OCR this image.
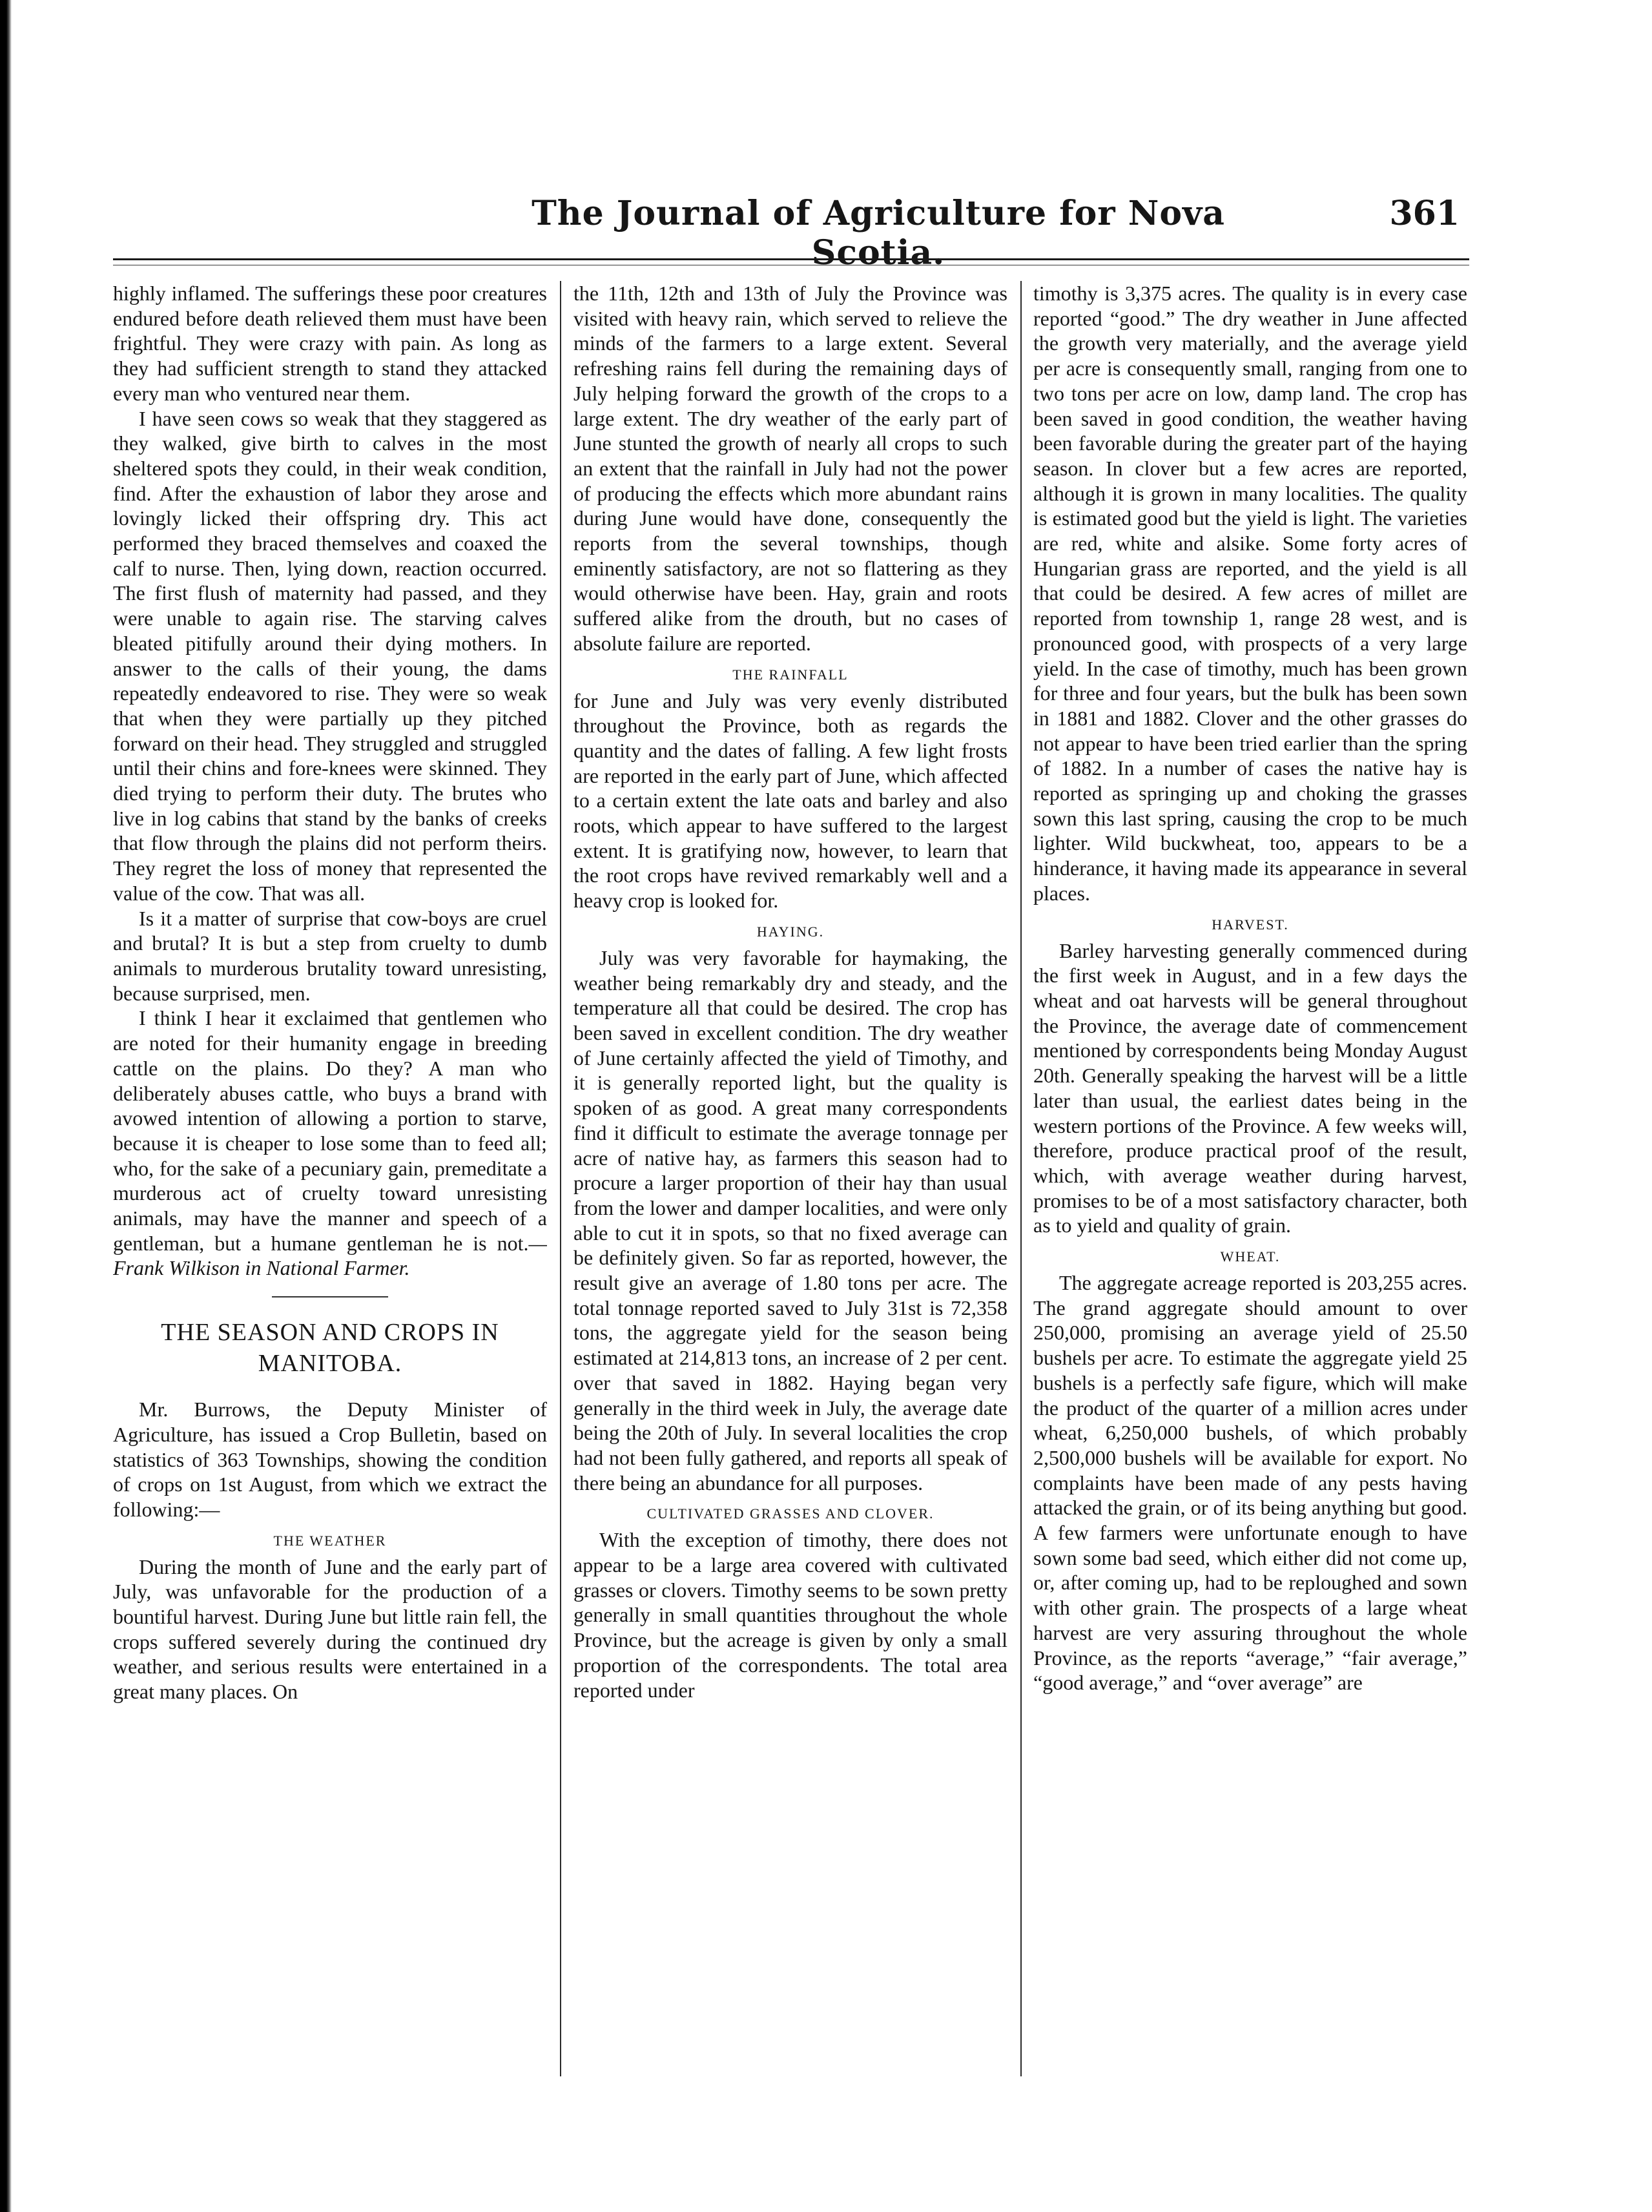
The Journal of Agriculture for Nova Scotia.
361

highly inflamed. The sufferings these poor creatures endured before death relieved them must have been frightful. They were crazy with pain. As long as they had sufficient strength to stand they attacked every man who ventured near them.

I have seen cows so weak that they staggered as they walked, give birth to calves in the most sheltered spots they could, in their weak condition, find. After the exhaustion of labor they arose and lovingly licked their offspring dry. This act performed they braced themselves and coaxed the calf to nurse. Then, lying down, reaction occurred. The first flush of maternity had passed, and they were unable to again rise. The starving calves bleated pitifully around their dying mothers. In answer to the calls of their young, the dams repeatedly endeavored to rise. They were so weak that when they were partially up they pitched forward on their head. They struggled and struggled until their chins and fore-knees were skinned. They died trying to perform their duty. The brutes who live in log cabins that stand by the banks of creeks that flow through the plains did not perform theirs. They regret the loss of money that represented the value of the cow. That was all.

Is it a matter of surprise that cow-boys are cruel and brutal? It is but a step from cruelty to dumb animals to murderous brutality toward unresisting, because surprised, men.

I think I hear it exclaimed that gentlemen who are noted for their humanity engage in breeding cattle on the plains. Do they? A man who deliberately abuses cattle, who buys a brand with avowed intention of allowing a portion to starve, because it is cheaper to lose some than to feed all; who, for the sake of a pecuniary gain, premeditate a murderous act of cruelty toward unresisting animals, may have the manner and speech of a gentleman, but a humane gentleman he is not.—Frank Wilkison in National Farmer.

THE SEASON AND CROPS IN MANITOBA.

Mr. Burrows, the Deputy Minister of Agriculture, has issued a Crop Bulletin, based on statistics of 363 Townships, showing the condition of crops on 1st August, from which we extract the following:—

THE WEATHER

During the month of June and the early part of July, was unfavorable for the production of a bountiful harvest. During June but little rain fell, the crops suffered severely during the continued dry weather, and serious results were entertained in a great many places. On

the 11th, 12th and 13th of July the Province was visited with heavy rain, which served to relieve the minds of the farmers to a large extent. Several refreshing rains fell during the remaining days of July helping forward the growth of the crops to a large extent. The dry weather of the early part of June stunted the growth of nearly all crops to such an extent that the rainfall in July had not the power of producing the effects which more abundant rains during June would have done, consequently the reports from the several townships, though eminently satisfactory, are not so flattering as they would otherwise have been. Hay, grain and roots suffered alike from the drouth, but no cases of absolute failure are reported.

THE RAINFALL

for June and July was very evenly distributed throughout the Province, both as regards the quantity and the dates of falling. A few light frosts are reported in the early part of June, which affected to a certain extent the late oats and barley and also roots, which appear to have suffered to the largest extent. It is gratifying now, however, to learn that the root crops have revived remarkably well and a heavy crop is looked for.

HAYING.

July was very favorable for haymaking, the weather being remarkably dry and steady, and the temperature all that could be desired. The crop has been saved in excellent condition. The dry weather of June certainly affected the yield of Timothy, and it is generally reported light, but the quality is spoken of as good. A great many correspondents find it difficult to estimate the average tonnage per acre of native hay, as farmers this season had to procure a larger proportion of their hay than usual from the lower and damper localities, and were only able to cut it in spots, so that no fixed average can be definitely given. So far as reported, however, the result give an average of 1.80 tons per acre. The total tonnage reported saved to July 31st is 72,358 tons, the aggregate yield for the season being estimated at 214,813 tons, an increase of 2 per cent. over that saved in 1882. Haying began very generally in the third week in July, the average date being the 20th of July. In several localities the crop had not been fully gathered, and reports all speak of there being an abundance for all purposes.

CULTIVATED GRASSES AND CLOVER.

With the exception of timothy, there does not appear to be a large area covered with cultivated grasses or clovers. Timothy seems to be sown pretty generally in small quantities throughout the whole Province, but the acreage is given by only a small proportion of the correspondents. The total area reported under

timothy is 3,375 acres. The quality is in every case reported “good.” The dry weather in June affected the growth very materially, and the average yield per acre is consequently small, ranging from one to two tons per acre on low, damp land. The crop has been saved in good condition, the weather having been favorable during the greater part of the haying season. In clover but a few acres are reported, although it is grown in many localities. The quality is estimated good but the yield is light. The varieties are red, white and alsike. Some forty acres of Hungarian grass are reported, and the yield is all that could be desired. A few acres of millet are reported from township 1, range 28 west, and is pronounced good, with prospects of a very large yield. In the case of timothy, much has been grown for three and four years, but the bulk has been sown in 1881 and 1882. Clover and the other grasses do not appear to have been tried earlier than the spring of 1882. In a number of cases the native hay is reported as springing up and choking the grasses sown this last spring, causing the crop to be much lighter. Wild buckwheat, too, appears to be a hinderance, it having made its appearance in several places.

HARVEST.

Barley harvesting generally commenced during the first week in August, and in a few days the wheat and oat harvests will be general throughout the Province, the average date of commencement mentioned by correspondents being Monday August 20th. Generally speaking the harvest will be a little later than usual, the earliest dates being in the western portions of the Province. A few weeks will, therefore, produce practical proof of the result, which, with average weather during harvest, promises to be of a most satisfactory character, both as to yield and quality of grain.

WHEAT.

The aggregate acreage reported is 203,255 acres. The grand aggregate should amount to over 250,000, promising an average yield of 25.50 bushels per acre. To estimate the aggregate yield 25 bushels is a perfectly safe figure, which will make the product of the quarter of a million acres under wheat, 6,250,000 bushels, of which probably 2,500,000 bushels will be available for export. No complaints have been made of any pests having attacked the grain, or of its being anything but good. A few farmers were unfortunate enough to have sown some bad seed, which either did not come up, or, after coming up, had to be reploughed and sown with other grain. The prospects of a large wheat harvest are very assuring throughout the whole Province, as the reports “average,” “fair average,” “good average,” and “over average” are
